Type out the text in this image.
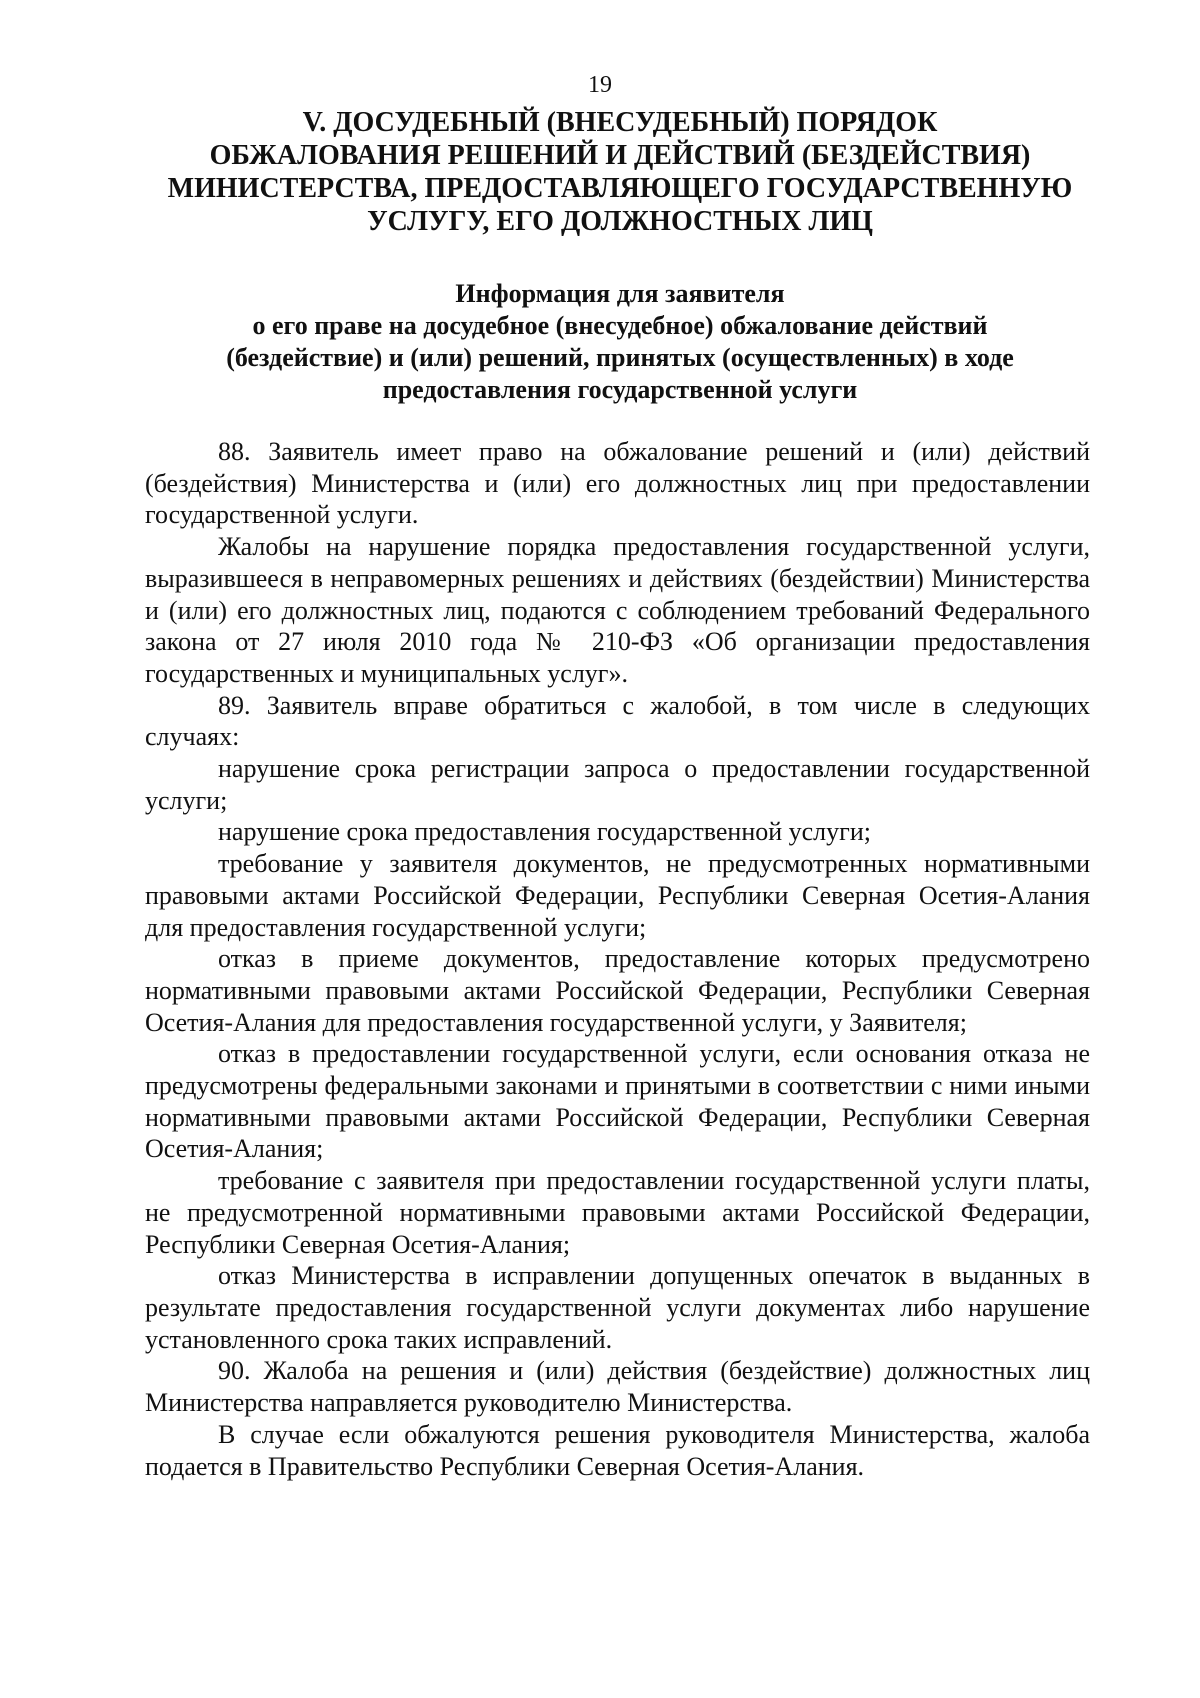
19
V. ДОСУДЕБНЫЙ (ВНЕСУДЕБНЫЙ) ПОРЯДОК
ОБЖАЛОВАНИЯ РЕШЕНИЙ И ДЕЙСТВИЙ (БЕЗДЕЙСТВИЯ)
МИНИСТЕРСТВА, ПРЕДОСТАВЛЯЮЩЕГО ГОСУДАРСТВЕННУЮ
УСЛУГУ, ЕГО ДОЛЖНОСТНЫХ ЛИЦ
Информация для заявителя
о его праве на досудебное (внесудебное) обжалование действий
(бездействие) и (или) решений, принятых (осуществленных) в ходе
предоставления государственной услуги

88. Заявитель имеет право на обжалование решений и (или) действий (бездействия) Министерства и (или) его должностных лиц при предоставлении государственной услуги.

Жалобы на нарушение порядка предоставления государственной услуги, выразившееся в неправомерных решениях и действиях (бездействии) Министерства и (или) его должностных лиц, подаются с соблюдением требований Федерального закона от 27 июля 2010 года № 210-ФЗ «Об организации предоставления государственных и муниципальных услуг».

89. Заявитель вправе обратиться с жалобой, в том числе в следующих случаях:

нарушение срока регистрации запроса о предоставлении государственной услуги;

нарушение срока предоставления государственной услуги;

требование у заявителя документов, не предусмотренных нормативными правовыми актами Российской Федерации, Республики Северная Осетия-Алания для предоставления государственной услуги;

отказ в приеме документов, предоставление которых предусмотрено нормативными правовыми актами Российской Федерации, Республики Северная Осетия-Алания для предоставления государственной услуги, у Заявителя;

отказ в предоставлении государственной услуги, если основания отказа не предусмотрены федеральными законами и принятыми в соответствии с ними иными нормативными правовыми актами Российской Федерации, Республики Северная Осетия-Алания;

требование с заявителя при предоставлении государственной услуги платы, не предусмотренной нормативными правовыми актами Российской Федерации, Республики Северная Осетия-Алания;

отказ Министерства в исправлении допущенных опечаток в выданных в результате предоставления государственной услуги документах либо нарушение установленного срока таких исправлений.

90. Жалоба на решения и (или) действия (бездействие) должностных лиц Министерства направляется руководителю Министерства.

В случае если обжалуются решения руководителя Министерства, жалоба подается в Правительство Республики Северная Осетия-Алания.
